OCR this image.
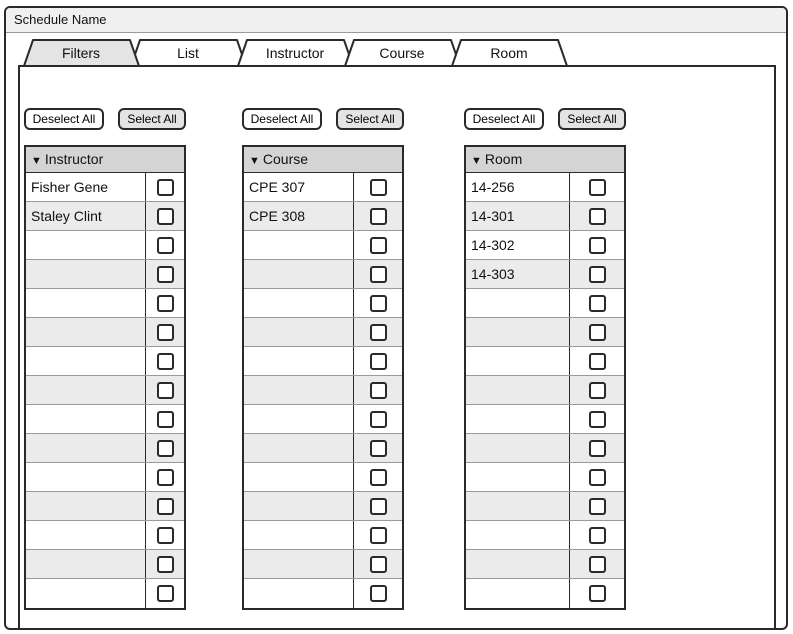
Schedule Name
Filters	List	Instructor	Course	Room
Deselect All	Select All
▼ Instructor
Fisher Gene
Staley Clint
Deselect All	Select All
▼ Course
CPE 307
CPE 308
Deselect All	Select All
▼ Room
14-256
14-301
14-302
14-303
